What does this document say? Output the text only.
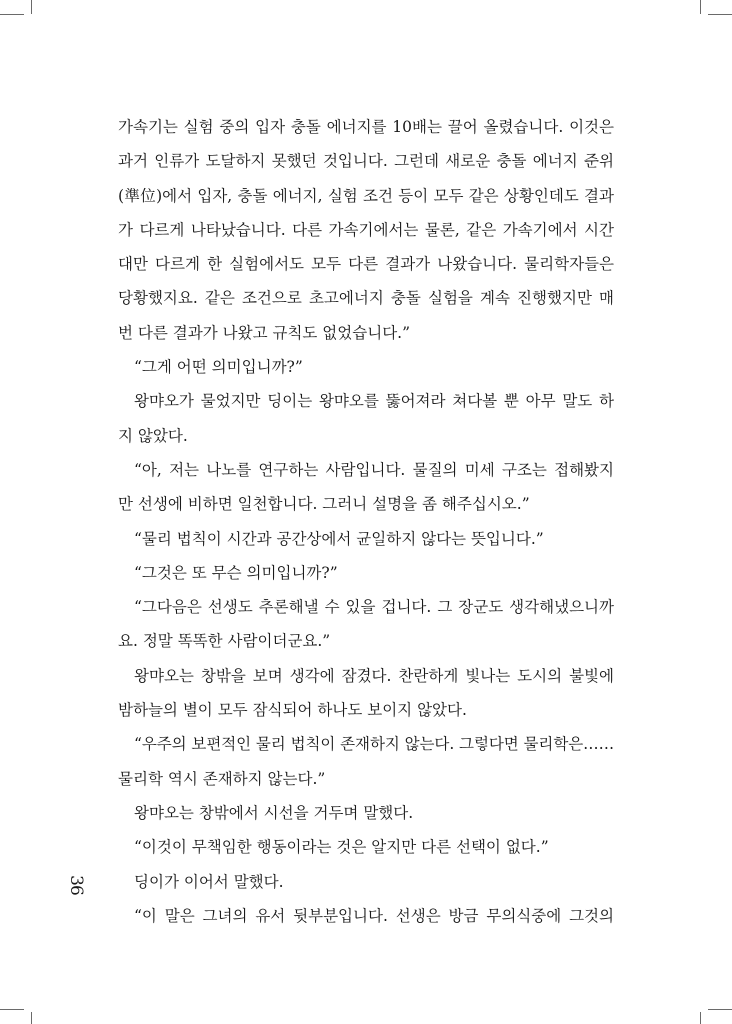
가속기는 실험 중의 입자 충돌 에너지를 10배는 끌어 올렸습니다. 이것은
과거 인류가 도달하지 못했던 것입니다. 그런데 새로운 충돌 에너지 준위
(準位)에서 입자, 충돌 에너지, 실험 조건 등이 모두 같은 상황인데도 결과
가 다르게 나타났습니다. 다른 가속기에서는 물론, 같은 가속기에서 시간
대만 다르게 한 실험에서도 모두 다른 결과가 나왔습니다. 물리학자들은
당황했지요. 같은 조건으로 초고에너지 충돌 실험을 계속 진행했지만 매
번 다른 결과가 나왔고 규칙도 없었습니다.”
“그게 어떤 의미입니까?”
왕먀오가 물었지만 딩이는 왕먀오를 뚫어져라 쳐다볼 뿐 아무 말도 하
지 않았다.
“아, 저는 나노를 연구하는 사람입니다. 물질의 미세 구조는 접해봤지
만 선생에 비하면 일천합니다. 그러니 설명을 좀 해주십시오.”
“물리 법칙이 시간과 공간상에서 균일하지 않다는 뜻입니다.”
“그것은 또 무슨 의미입니까?”
“그다음은 선생도 추론해낼 수 있을 겁니다. 그 장군도 생각해냈으니까
요. 정말 똑똑한 사람이더군요.”
왕먀오는 창밖을 보며 생각에 잠겼다. 찬란하게 빛나는 도시의 불빛에
밤하늘의 별이 모두 잠식되어 하나도 보이지 않았다.
“우주의 보편적인 물리 법칙이 존재하지 않는다. 그렇다면 물리학은……
물리학 역시 존재하지 않는다.”
왕먀오는 창밖에서 시선을 거두며 말했다.
“이것이 무책임한 행동이라는 것은 알지만 다른 선택이 없다.”
딩이가 이어서 말했다.
“이 말은 그녀의 유서 뒷부분입니다. 선생은 방금 무의식중에 그것의
36
